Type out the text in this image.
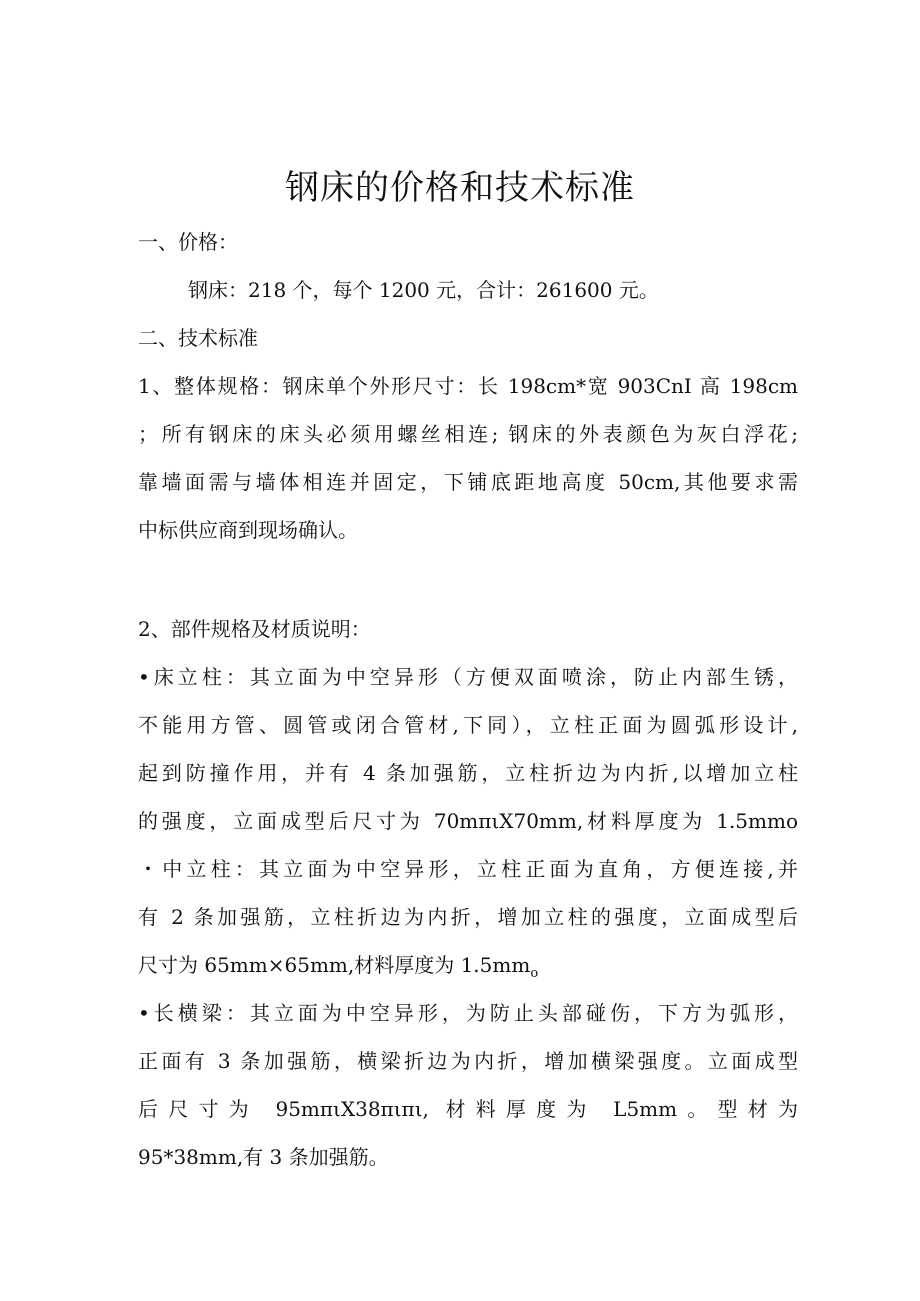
钢床的价格和技术标准
一、价格：
钢床：218 个，每个 1200 元，合计：261600 元。
二、技术标准
1、整体规格：钢床单个外形尺寸：长 198cm*宽 903CnI 高 198cm
；所有钢床的床头必须用螺丝相连; 钢床的外表颜色为灰白浮花;
靠墙面需与墙体相连并固定，下铺底距地高度 50cm,其他要求需
中标供应商到现场确认。
2、部件规格及材质说明：
•床立柱：其立面为中空异形（方便双面喷涂，防止内部生锈，
不能用方管、圆管或闭合管材,下同），立柱正面为圆弧形设计,
起到防撞作用，并有 4 条加强筋，立柱折边为内折,以增加立柱
的强度，立面成型后尺寸为 70mπιX70mm,材料厚度为 1.5mmo
・中立柱：其立面为中空异形，立柱正面为直角，方便连接,并
有 2 条加强筋，立柱折边为内折，增加立柱的强度，立面成型后
尺寸为 65mm×65mm,材料厚度为 $1.5mm_o$
•长横梁：其立面为中空异形，为防止头部碰伤，下方为弧形，
正面有 3 条加强筋，横梁折边为内折，增加横梁强度。立面成型
后尺寸为 95mπιX38πιπι, 材料厚度为 L5mm。型材为
95*38mm,有 3 条加强筋。
